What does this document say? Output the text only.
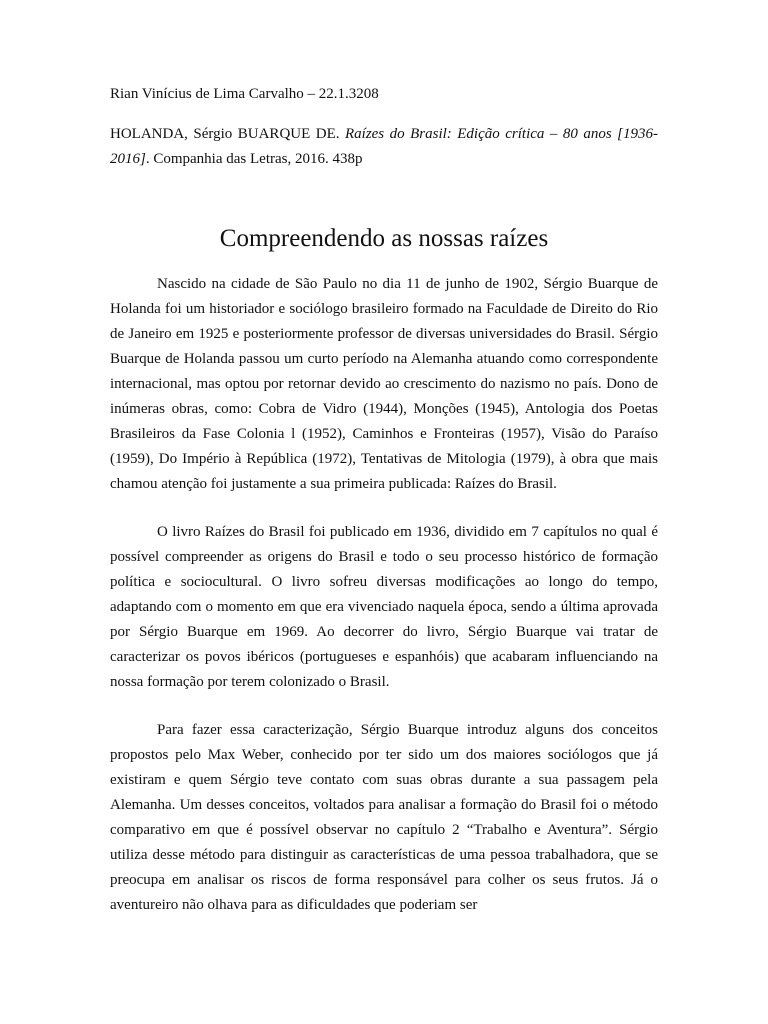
Rian Vinícius de Lima Carvalho – 22.1.3208
HOLANDA, Sérgio BUARQUE DE. Raízes do Brasil: Edição crítica – 80 anos [1936-2016]. Companhia das Letras, 2016. 438p
Compreendendo as nossas raízes

Nascido na cidade de São Paulo no dia 11 de junho de 1902, Sérgio Buarque de Holanda foi um historiador e sociólogo brasileiro formado na Faculdade de Direito do Rio de Janeiro em 1925 e posteriormente professor de diversas universidades do Brasil. Sérgio Buarque de Holanda passou um curto período na Alemanha atuando como correspondente internacional, mas optou por retornar devido ao crescimento do nazismo no país. Dono de inúmeras obras, como: Cobra de Vidro (1944), Monções (1945), Antologia dos Poetas Brasileiros da Fase Colonia l (1952), Caminhos e Fronteiras (1957), Visão do Paraíso (1959), Do Império à República (1972), Tentativas de Mitologia (1979), à obra que mais chamou atenção foi justamente a sua primeira publicada: Raízes do Brasil.

O livro Raízes do Brasil foi publicado em 1936, dividido em 7 capítulos no qual é possível compreender as origens do Brasil e todo o seu processo histórico de formação política e sociocultural. O livro sofreu diversas modificações ao longo do tempo, adaptando com o momento em que era vivenciado naquela época, sendo a última aprovada por Sérgio Buarque em 1969. Ao decorrer do livro, Sérgio Buarque vai tratar de caracterizar os povos ibéricos (portugueses e espanhóis) que acabaram influenciando na nossa formação por terem colonizado o Brasil.

Para fazer essa caracterização, Sérgio Buarque introduz alguns dos conceitos propostos pelo Max Weber, conhecido por ter sido um dos maiores sociólogos que já existiram e quem Sérgio teve contato com suas obras durante a sua passagem pela Alemanha. Um desses conceitos, voltados para analisar a formação do Brasil foi o método comparativo em que é possível observar no capítulo 2 “Trabalho e Aventura”. Sérgio utiliza desse método para distinguir as características de uma pessoa trabalhadora, que se preocupa em analisar os riscos de forma responsável para colher os seus frutos. Já o aventureiro não olhava para as dificuldades que poderiam ser
